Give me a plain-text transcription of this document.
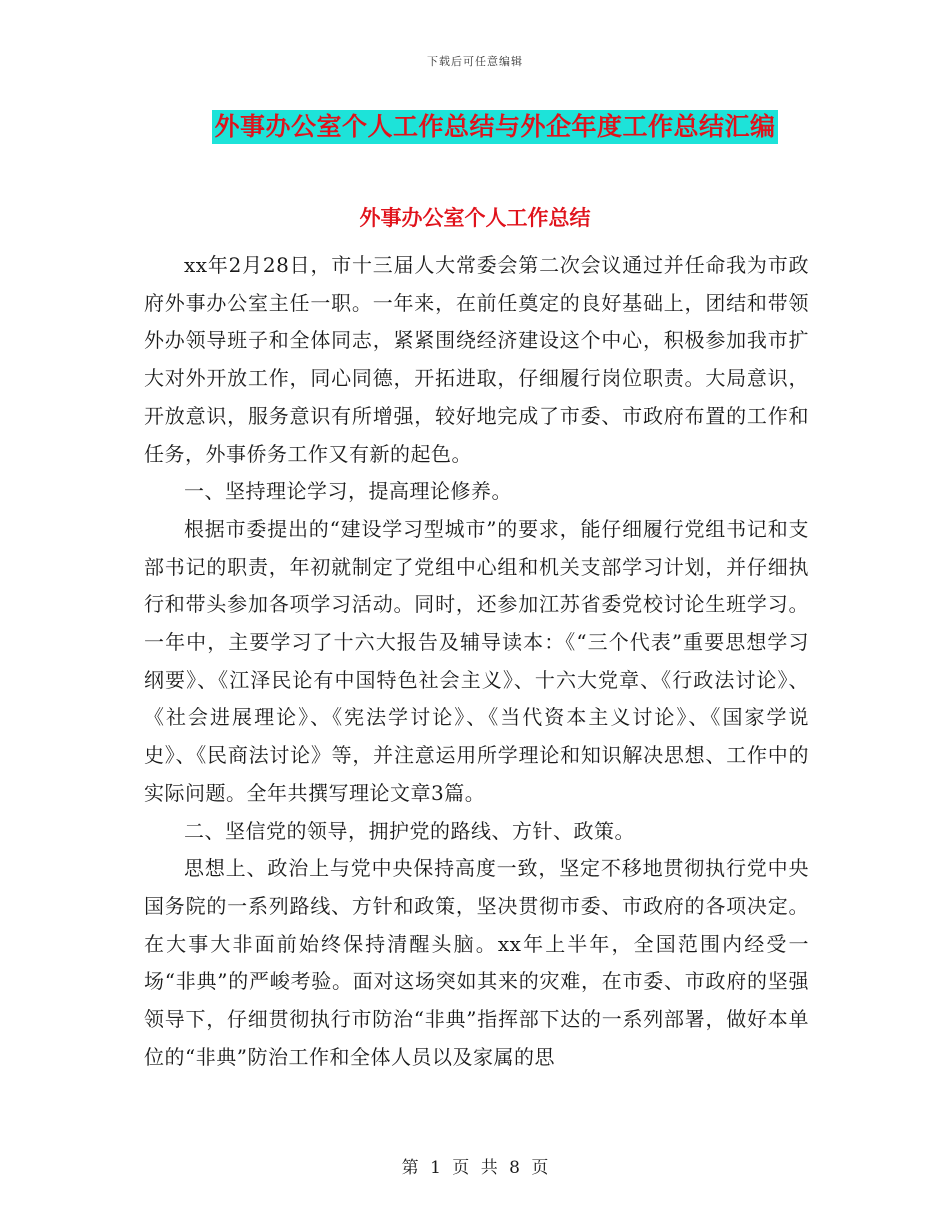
下载后可任意编辑
外事办公室个人工作总结与外企年度工作总结汇编
外事办公室个人工作总结

xx年2月28日，市十三届人大常委会第二次会议通过并任命我为市政府外事办公室主任一职。一年来，在前任奠定的良好基础上，团结和带领外办领导班子和全体同志，紧紧围绕经济建设这个中心，积极参加我市扩大对外开放工作，同心同德，开拓进取，仔细履行岗位职责。大局意识，开放意识，服务意识有所增强，较好地完成了市委、市政府布置的工作和任务，外事侨务工作又有新的起色。

一、坚持理论学习，提高理论修养。

根据市委提出的“建设学习型城市”的要求，能仔细履行党组书记和支部书记的职责，年初就制定了党组中心组和机关支部学习计划，并仔细执行和带头参加各项学习活动。同时，还参加江苏省委党校讨论生班学习。一年中，主要学习了十六大报告及辅导读本：《“三个代表”重要思想学习纲要》、《江泽民论有中国特色社会主义》、十六大党章、《行政法讨论》、《社会进展理论》、《宪法学讨论》、《当代资本主义讨论》、《国家学说史》、《民商法讨论》等，并注意运用所学理论和知识解决思想、工作中的实际问题。全年共撰写理论文章3篇。

二、坚信党的领导，拥护党的路线、方针、政策。

思想上、政治上与党中央保持高度一致，坚定不移地贯彻执行党中央国务院的一系列路线、方针和政策，坚决贯彻市委、市政府的各项决定。在大事大非面前始终保持清醒头脑。xx年上半年，全国范围内经受一场“非典”的严峻考验。面对这场突如其来的灾难，在市委、市政府的坚强领导下，仔细贯彻执行市防治“非典”指挥部下达的一系列部署，做好本单位的“非典”防治工作和全体人员以及家属的思

第 1 页 共 8 页
